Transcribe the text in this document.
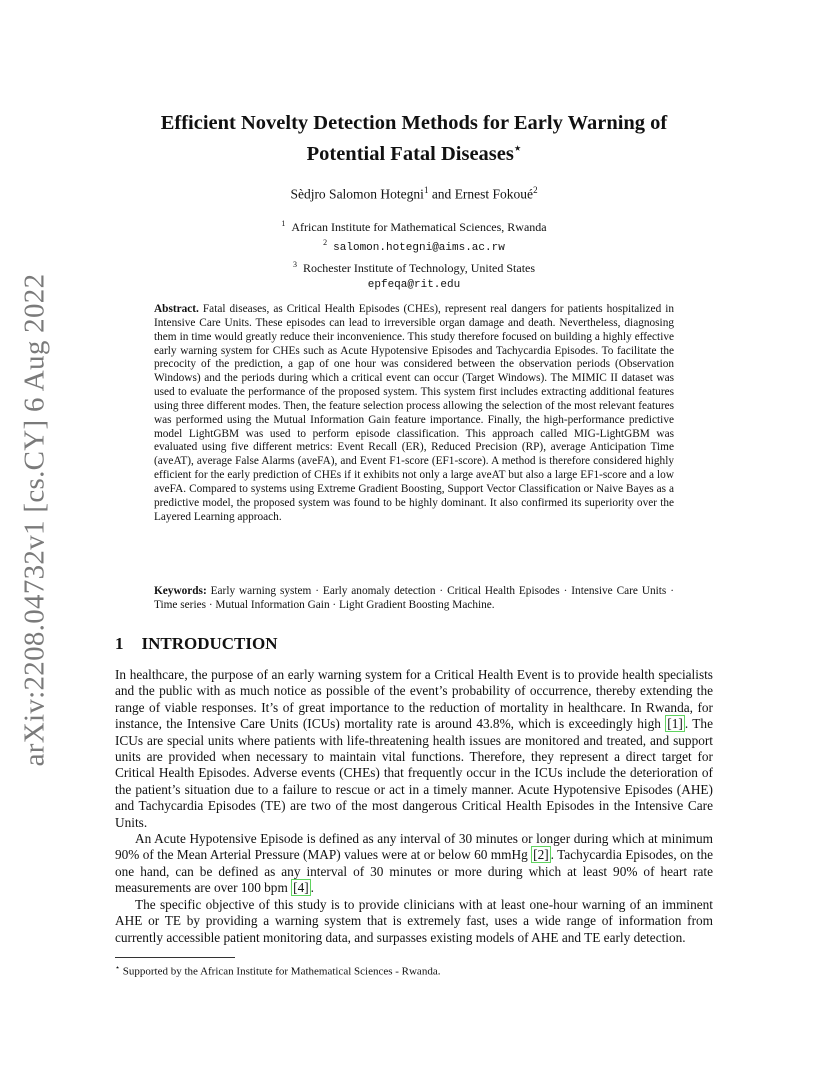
arXiv:2208.04732v1 [cs.CY] 6 Aug 2022
Efficient Novelty Detection Methods for Early Warning of
Potential Fatal Diseases⋆

Sèdjro Salomon Hotegni$^1$ and Ernest Fokoué$^2$

$^1$ African Institute for Mathematical Sciences, Rwanda
$^2$ salomon.hotegni@aims.ac.rw
$^3$ Rochester Institute of Technology, United States
epfeqa@rit.edu

Abstract. Fatal diseases, as Critical Health Episodes (CHEs), represent real dangers for patients hospitalized in Intensive Care Units. These episodes can lead to irreversible organ damage and death. Nevertheless, diagnosing them in time would greatly reduce their inconvenience. This study therefore focused on building a highly effective early warning system for CHEs such as Acute Hypotensive Episodes and Tachycardia Episodes. To facilitate the precocity of the prediction, a gap of one hour was considered between the observation periods (Observation Windows) and the periods during which a critical event can occur (Target Windows). The MIMIC II dataset was used to evaluate the performance of the proposed system. This system first includes extracting additional features using three different modes. Then, the feature selection process allowing the selection of the most relevant features was performed using the Mutual Information Gain feature importance. Finally, the high-performance predictive model LightGBM was used to perform episode classification. This approach called MIG-LightGBM was evaluated using five different metrics: Event Recall (ER), Reduced Precision (RP), average Anticipation Time (aveAT), average False Alarms (aveFA), and Event F1-score (EF1-score). A method is therefore considered highly efficient for the early prediction of CHEs if it exhibits not only a large aveAT but also a large EF1-score and a low aveFA. Compared to systems using Extreme Gradient Boosting, Support Vector Classification or Naive Bayes as a predictive model, the proposed system was found to be highly dominant. It also confirmed its superiority over the Layered Learning approach.

Keywords: Early warning system · Early anomaly detection · Critical Health Episodes · Intensive Care Units · Time series · Mutual Information Gain · Light Gradient Boosting Machine.

1 INTRODUCTION

In healthcare, the purpose of an early warning system for a Critical Health Event is to provide health specialists and the public with as much notice as possible of the event’s probability of occurrence, thereby extending the range of viable responses. It’s of great importance to the reduction of mortality in healthcare. In Rwanda, for instance, the Intensive Care Units (ICUs) mortality rate is around 43.8%, which is exceedingly high [1] . The ICUs are special units where patients with life-threatening health issues are monitored and treated, and support units are provided when necessary to maintain vital functions. Therefore, they represent a direct target for Critical Health Episodes. Adverse events (CHEs) that frequently occur in the ICUs include the deterioration of the patient’s situation due to a failure to rescue or act in a timely manner. Acute Hypotensive Episodes (AHE) and Tachycardia Episodes (TE) are two of the most dangerous Critical Health Episodes in the Intensive Care Units.

An Acute Hypotensive Episode is defined as any interval of 30 minutes or longer during which at minimum 90% of the Mean Arterial Pressure (MAP) values were at or below 60 mmHg [2] . Tachycardia Episodes, on the one hand, can be defined as any interval of 30 minutes or more during which at least 90% of heart rate measurements are over 100 bpm [4] .

The specific objective of this study is to provide clinicians with at least one-hour warning of an imminent AHE or TE by providing a warning system that is extremely fast, uses a wide range of information from currently accessible patient monitoring data, and surpasses existing models of AHE and TE early detection.

⋆ Supported by the African Institute for Mathematical Sciences - Rwanda.
